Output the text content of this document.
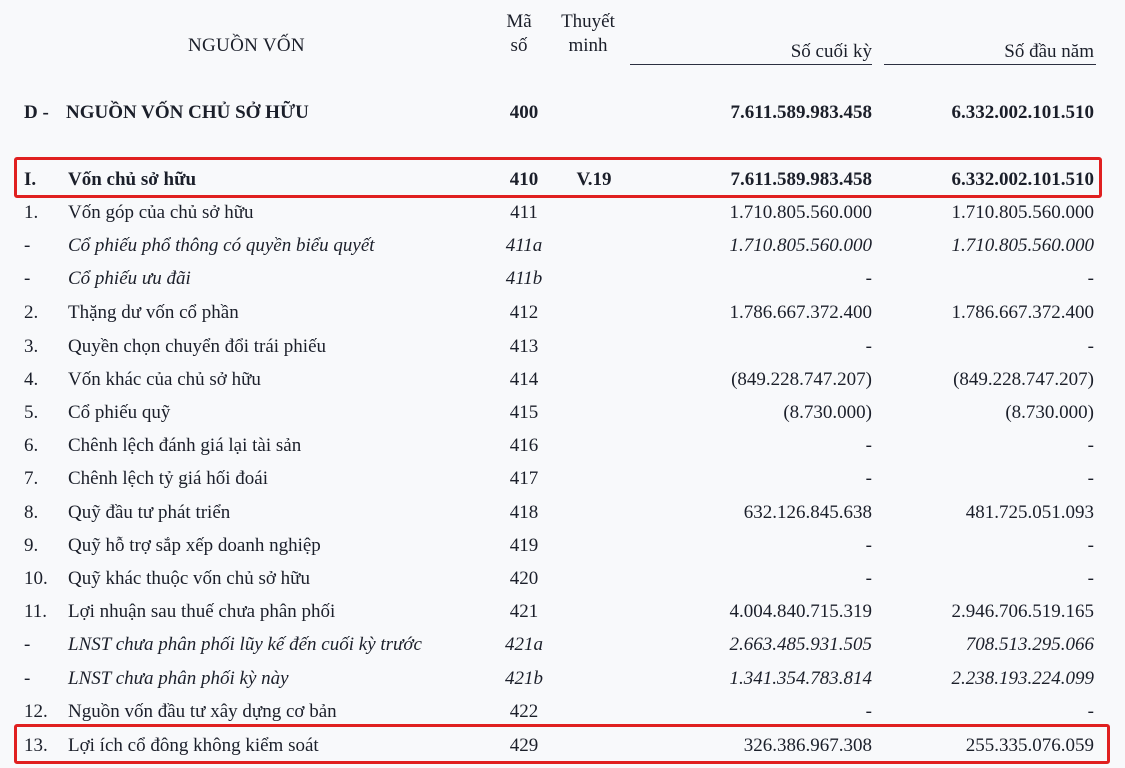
NGUỒN VỐN
Mã
số
Thuyết
minh	Số cuối kỳ	Số đầu năm
D - NGUỒN VỐN CHỦ SỞ HỮU	400	7.611.589.983.458	6.332.002.101.510
I.	Vốn chủ sở hữu	410	V.19	7.611.589.983.458	6.332.002.101.510
1.	Vốn góp của chủ sở hữu	411	1.710.805.560.000	1.710.805.560.000
-	Cổ phiếu phổ thông có quyền biểu quyết	411a	1.710.805.560.000	1.710.805.560.000
-	Cổ phiếu ưu đãi	411b	-	-
2.	Thặng dư vốn cổ phần	412	1.786.667.372.400	1.786.667.372.400
3.	Quyền chọn chuyển đổi trái phiếu	413	-	-
4.	Vốn khác của chủ sở hữu	414	(849.228.747.207)	(849.228.747.207)
5.	Cổ phiếu quỹ	415	(8.730.000)	(8.730.000)
6.	Chênh lệch đánh giá lại tài sản	416	-	-
7.	Chênh lệch tỷ giá hối đoái	417	-	-
8.	Quỹ đầu tư phát triển	418	632.126.845.638	481.725.051.093
9.	Quỹ hỗ trợ sắp xếp doanh nghiệp	419	-	-
10.	Quỹ khác thuộc vốn chủ sở hữu	420	-	-
11.	Lợi nhuận sau thuế chưa phân phối	421	4.004.840.715.319	2.946.706.519.165
-	LNST chưa phân phối lũy kế đến cuối kỳ trước	421a	2.663.485.931.505	708.513.295.066
-	LNST chưa phân phối kỳ này	421b	1.341.354.783.814	2.238.193.224.099
12.	Nguồn vốn đầu tư xây dựng cơ bản	422	-	-
13.	Lợi ích cổ đông không kiểm soát	429	326.386.967.308	255.335.076.059
